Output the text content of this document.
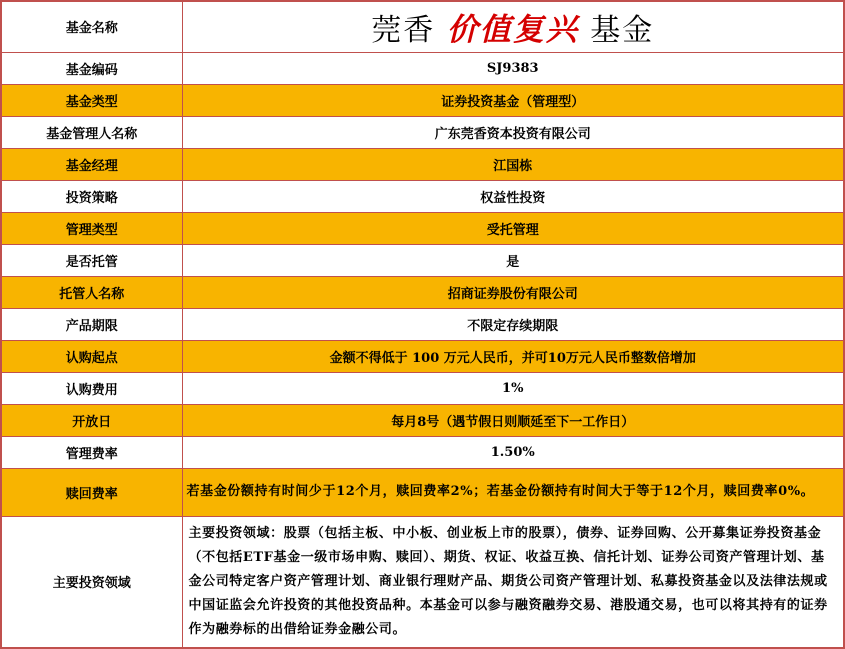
基金名称	莞香 价值复兴 基金
基金编码	SJ9383
基金类型	证券投资基金（管理型）
基金管理人名称	广东莞香资本投资有限公司
基金经理	江国栋
投资策略	权益性投资
管理类型	受托管理
是否托管	是
托管人名称	招商证券股份有限公司
产品期限	不限定存续期限
认购起点	金额不得低于 100 万元人民币，并可10万元人民币整数倍增加
认购费用	1%
开放日	每月8号（遇节假日则顺延至下一工作日）
管理费率	1.50%
赎回费率	若基金份额持有时间少于12个月，赎回费率2%；若基金份额持有时间大于等于12个月，赎回费率0%。
主要投资领域	主要投资领域：股票（包括主板、中小板、创业板上市的股票），债券、证券回购、公开募集证券投资基金（不包括ETF基金一级市场申购、赎回）、期货、权证、收益互换、信托计划、证券公司资产管理计划、基金公司特定客户资产管理计划、商业银行理财产品、期货公司资产管理计划、私募投资基金以及法律法规或中国证监会允许投资的其他投资品种。本基金可以参与融资融券交易、港股通交易，也可以将其持有的证券作为融券标的出借给证券金融公司。
